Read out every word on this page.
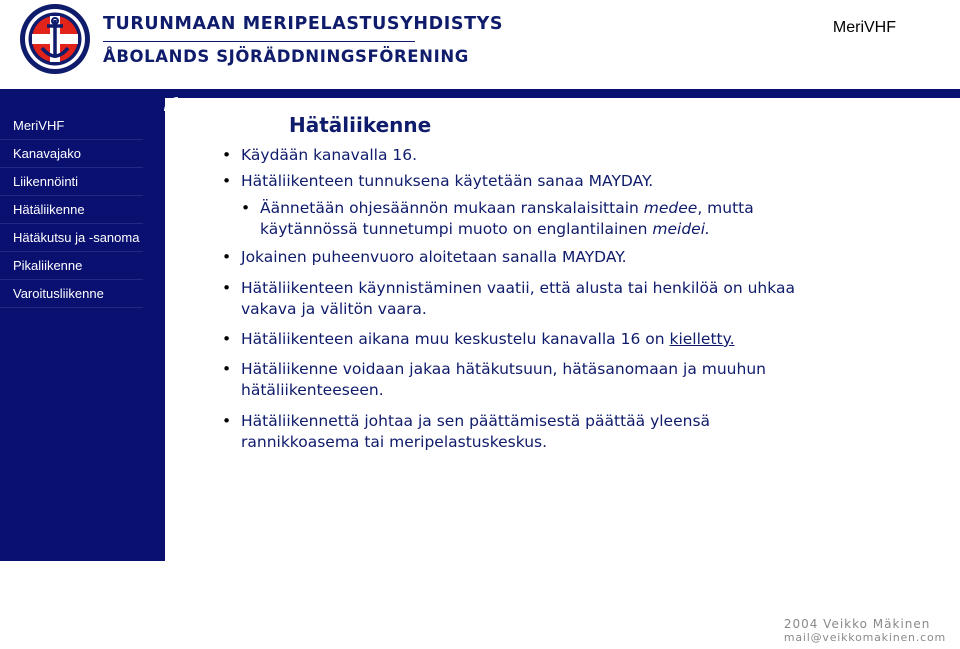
TURUNMAAN MERIPELASTUSYHDISTYS
ÅBOLANDS SJÖRÄDDNINGSFÖRENING
MeriVHF
MeriVHF
Kanavajako
Liikennöinti
Hätäliikenne
Hätäkutsu ja -sanoma
Pikaliikenne
Varoitusliikenne
Hätäliikenne
• Käydään kanavalla 16.
• Hätäliikenteen tunnuksena käytetään sanaa MAYDAY.
• Äännetään ohjesäännön mukaan ranskalaisittain medee, mutta käytännössä tunnetumpi muoto on englantilainen meidei.
• Jokainen puheenvuoro aloitetaan sanalla MAYDAY.
• Hätäliikenteen käynnistäminen vaatii, että alusta tai henkilöä on uhkaa vakava ja välitön vaara.
• Hätäliikenteen aikana muu keskustelu kanavalla 16 on kielletty.
• Hätäliikenne voidaan jakaa hätäkutsuun, hätäsanomaan ja muuhun hätäliikenteeseen.
• Hätäliikennettä johtaa ja sen päättämisestä päättää yleensä rannikkoasema tai meripelastuskeskus.
2004 Veikko Mäkinen
mail@veikkomakinen.com
